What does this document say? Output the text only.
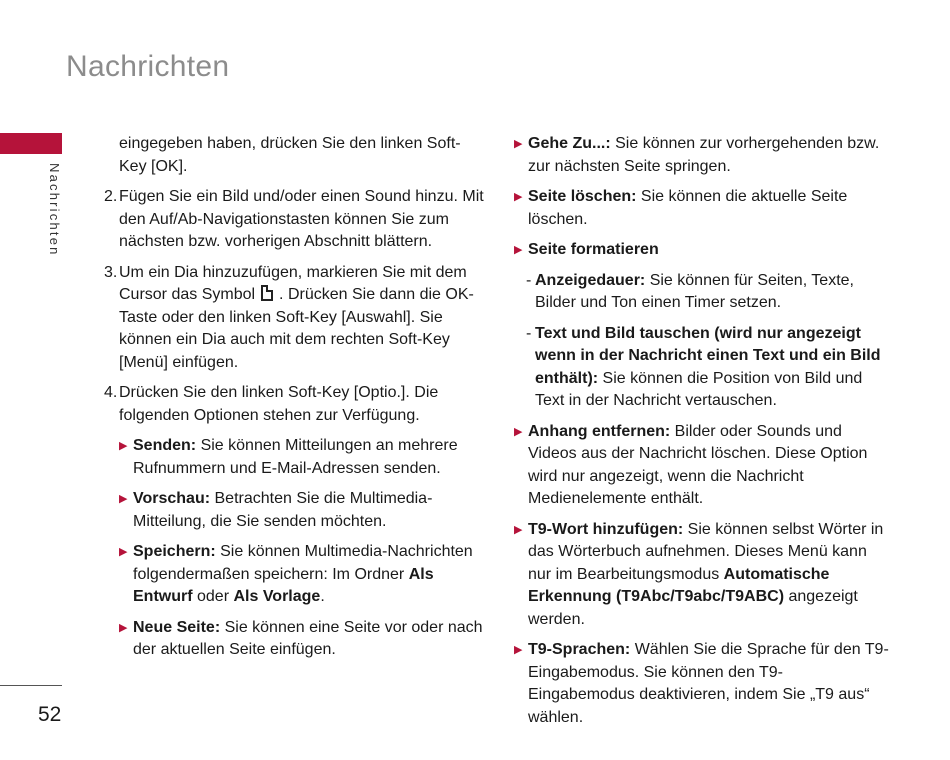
Nachrichten
Nachrichten
52

eingegeben haben, drücken Sie den linken Soft-Key [OK].

2. Fügen Sie ein Bild und/oder einen Sound hinzu. Mit den Auf/Ab-Navigationstasten können Sie zum nächsten bzw. vorherigen Abschnitt blättern.
3. Um ein Dia hinzuzufügen, markieren Sie mit dem Cursor das Symbol . Drücken Sie dann die OK-Taste oder den linken Soft-Key [Auswahl]. Sie können ein Dia auch mit dem rechten Soft-Key [Menü] einfügen.
4. Drücken Sie den linken Soft-Key [Optio.]. Die folgenden Optionen stehen zur Verfügung.
▶ Senden: Sie können Mitteilungen an mehrere Rufnummern und E-Mail-Adressen senden.
▶ Vorschau: Betrachten Sie die Multimedia-Mitteilung, die Sie senden möchten.
▶ Speichern: Sie können Multimedia-Nachrichten folgendermaßen speichern: Im Ordner Als Entwurf oder Als Vorlage.
▶ Neue Seite: Sie können eine Seite vor oder nach der aktuellen Seite einfügen.
▶ Gehe Zu...: Sie können zur vorhergehenden bzw. zur nächsten Seite springen.
▶ Seite löschen: Sie können die aktuelle Seite löschen.
▶ Seite formatieren
- Anzeigedauer: Sie können für Seiten, Texte, Bilder und Ton einen Timer setzen.
- Text und Bild tauschen (wird nur angezeigt wenn in der Nachricht einen Text und ein Bild enthält): Sie können die Position von Bild und Text in der Nachricht vertauschen.
▶ Anhang entfernen: Bilder oder Sounds und Videos aus der Nachricht löschen. Diese Option wird nur angezeigt, wenn die Nachricht Medienelemente enthält.
▶ T9-Wort hinzufügen: Sie können selbst Wörter in das Wörterbuch aufnehmen. Dieses Menü kann nur im Bearbeitungsmodus Automatische Erkennung (T9Abc/T9abc/T9ABC) angezeigt werden.
▶ T9-Sprachen: Wählen Sie die Sprache für den T9-Eingabemodus. Sie können den T9-Eingabemodus deaktivieren, indem Sie „T9 aus“ wählen.
